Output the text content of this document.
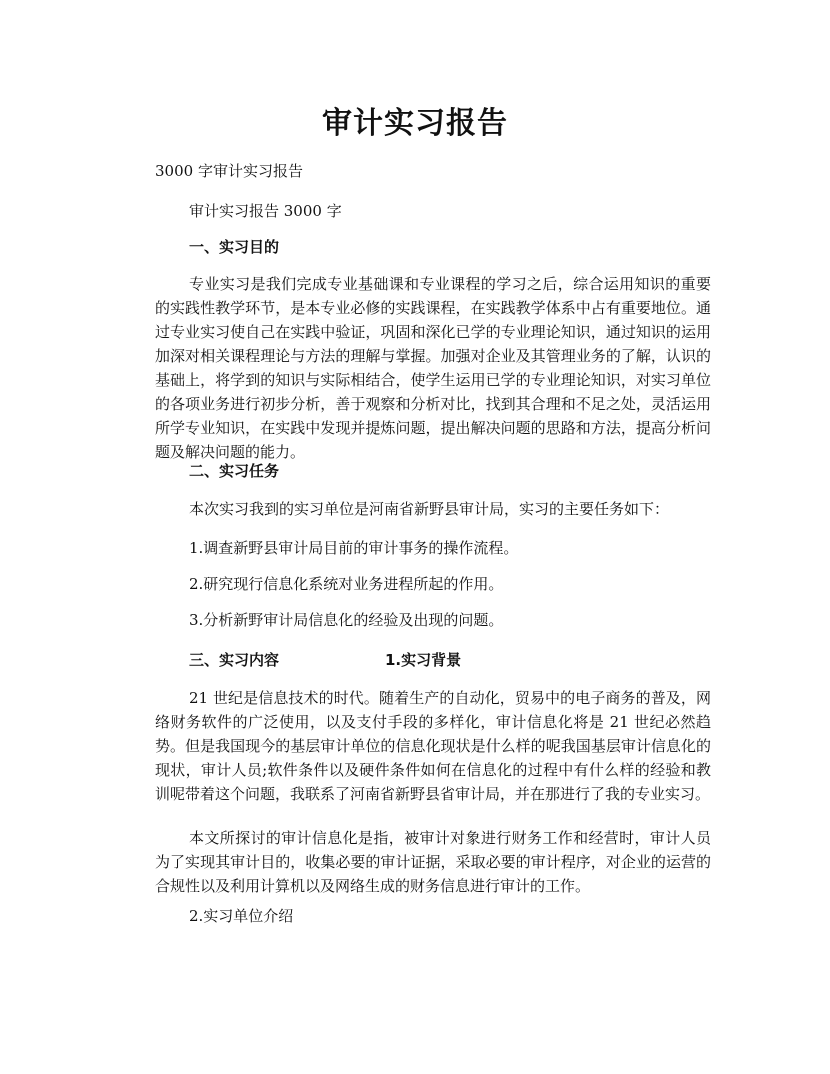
审计实习报告
3000 字审计实习报告
审计实习报告 3000 字
一、实习目的
专业实习是我们完成专业基础课和专业课程的学习之后，综合运用知识的重要的实践性教学环节，是本专业必修的实践课程，在实践教学体系中占有重要地位。通过专业实习使自己在实践中验证，巩固和深化已学的专业理论知识，通过知识的运用加深对相关课程理论与方法的理解与掌握。加强对企业及其管理业务的了解，认识的基础上，将学到的知识与实际相结合，使学生运用已学的专业理论知识，对实习单位的各项业务进行初步分析，善于观察和分析对比，找到其合理和不足之处，灵活运用所学专业知识，在实践中发现并提炼问题，提出解决问题的思路和方法，提高分析问题及解决问题的能力。
二、实习任务
本次实习我到的实习单位是河南省新野县审计局，实习的主要任务如下：
1.调查新野县审计局目前的审计事务的操作流程。
2.研究现行信息化系统对业务进程所起的作用。
3.分析新野审计局信息化的经验及出现的问题。
三、实习内容	1.实习背景
21 世纪是信息技术的时代。随着生产的自动化，贸易中的电子商务的普及，网络财务软件的广泛使用，以及支付手段的多样化，审计信息化将是 21 世纪必然趋势。但是我国现今的基层审计单位的信息化现状是什么样的呢我国基层审计信息化的现状，审计人员;软件条件以及硬件条件如何在信息化的过程中有什么样的经验和教训呢带着这个问题，我联系了河南省新野县省审计局，并在那进行了我的专业实习。
本文所探讨的审计信息化是指，被审计对象进行财务工作和经营时，审计人员为了实现其审计目的，收集必要的审计证据，采取必要的审计程序，对企业的运营的合规性以及利用计算机以及网络生成的财务信息进行审计的工作。
2.实习单位介绍
